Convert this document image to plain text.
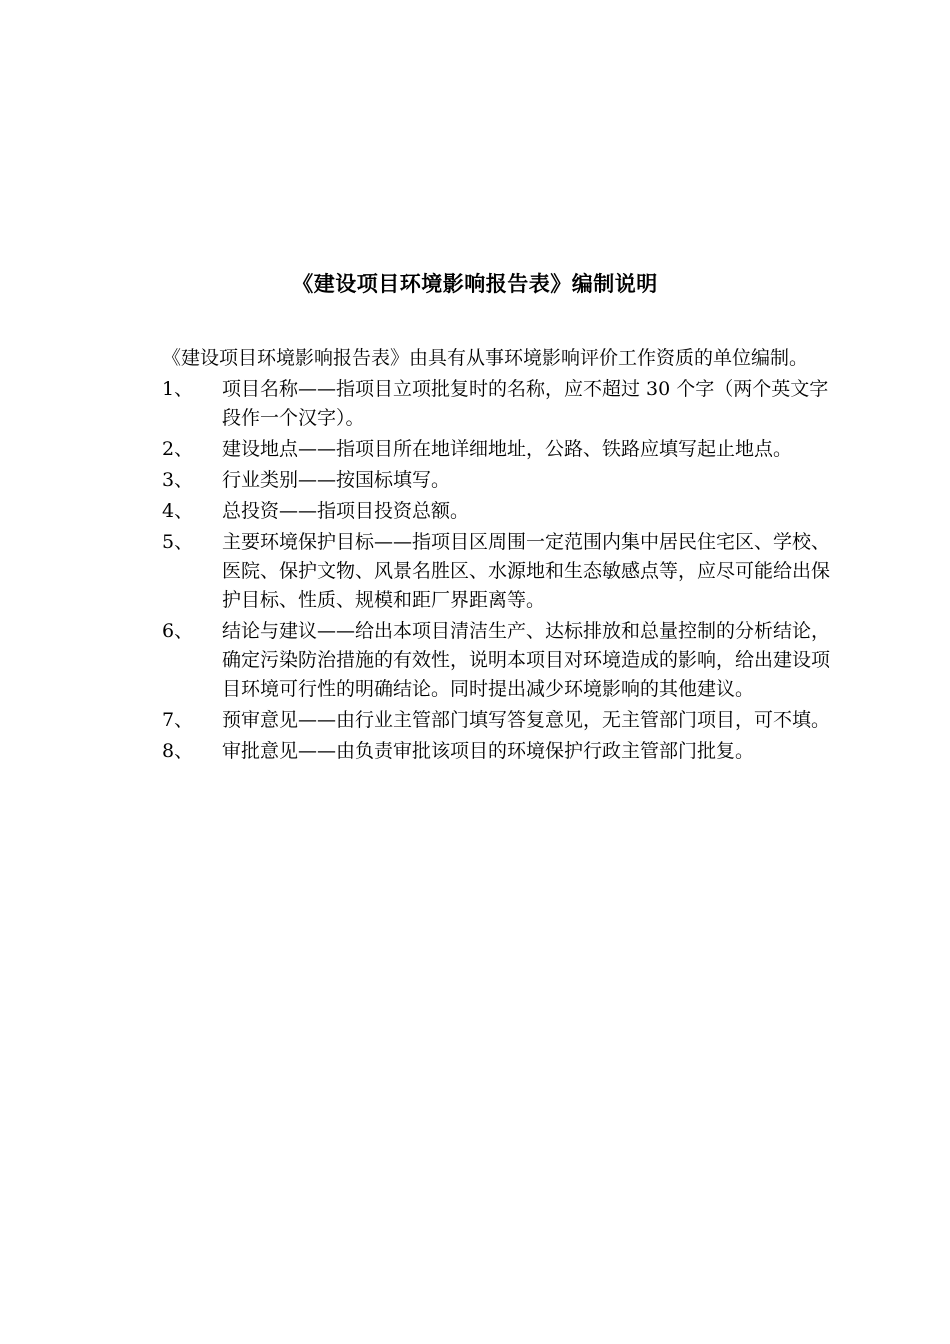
《建设项目环境影响报告表》编制说明
《建设项目环境影响报告表》由具有从事环境影响评价工作资质的单位编制。
1、	项目名称——指项目立项批复时的名称，应不超过 30 个字（两个英文字段作一个汉字）。
2、	建设地点——指项目所在地详细地址，公路、铁路应填写起止地点。
3、	行业类别——按国标填写。
4、	总投资——指项目投资总额。
5、	主要环境保护目标——指项目区周围一定范围内集中居民住宅区、学校、医院、保护文物、风景名胜区、水源地和生态敏感点等，应尽可能给出保护目标、性质、规模和距厂界距离等。
6、	结论与建议——给出本项目清洁生产、达标排放和总量控制的分析结论，确定污染防治措施的有效性，说明本项目对环境造成的影响，给出建设项目环境可行性的明确结论。同时提出减少环境影响的其他建议。
7、	预审意见——由行业主管部门填写答复意见，无主管部门项目，可不填。
8、	审批意见——由负责审批该项目的环境保护行政主管部门批复。
